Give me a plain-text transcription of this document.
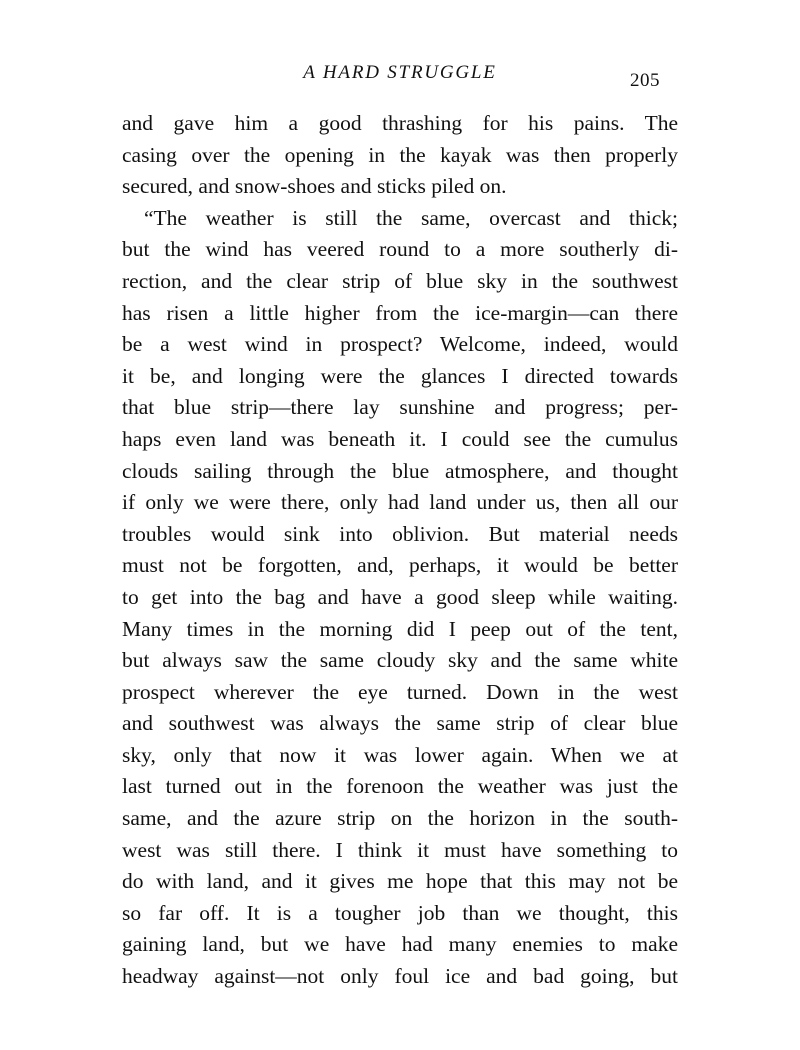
A HARD STRUGGLE	205
and gave him a good thrashing for his pains. The
casing over the opening in the kayak was then properly
secured, and snow-shoes and sticks piled on.
“The weather is still the same, overcast and thick;
but the wind has veered round to a more southerly di-
rection, and the clear strip of blue sky in the southwest
has risen a little higher from the ice-margin—can there
be a west wind in prospect? Welcome, indeed, would
it be, and longing were the glances I directed towards
that blue strip—there lay sunshine and progress; per-
haps even land was beneath it. I could see the cumulus
clouds sailing through the blue atmosphere, and thought
if only we were there, only had land under us, then all our
troubles would sink into oblivion. But material needs
must not be forgotten, and, perhaps, it would be better
to get into the bag and have a good sleep while waiting.
Many times in the morning did I peep out of the tent,
but always saw the same cloudy sky and the same white
prospect wherever the eye turned. Down in the west
and southwest was always the same strip of clear blue
sky, only that now it was lower again. When we at
last turned out in the forenoon the weather was just the
same, and the azure strip on the horizon in the south-
west was still there. I think it must have something to
do with land, and it gives me hope that this may not be
so far off. It is a tougher job than we thought, this
gaining land, but we have had many enemies to make
headway against—not only foul ice and bad going, but
